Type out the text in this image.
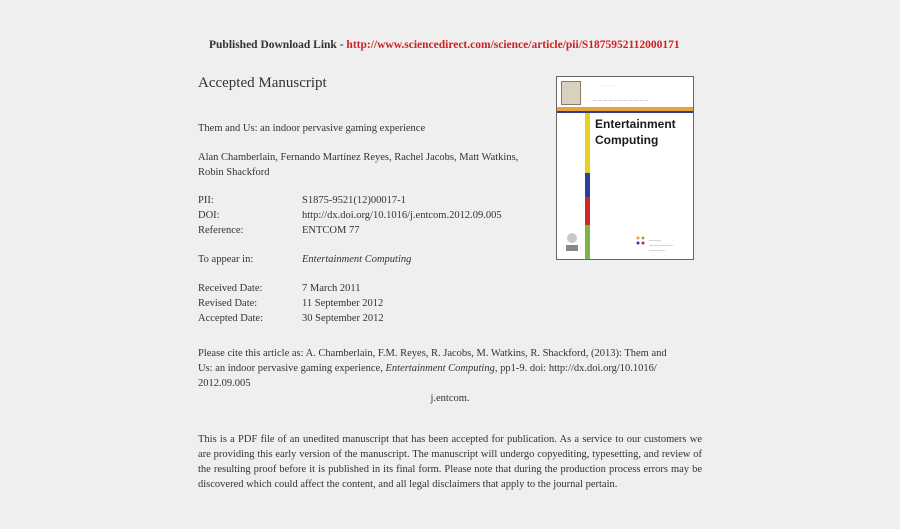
Published Download Link - http://www.sciencedirect.com/science/article/pii/S1875952112000171
Accepted Manuscript
Them and Us: an indoor pervasive gaming experience
Alan Chamberlain, Fernando Martínez Reyes, Rachel Jacobs, Matt Watkins, Robin Shackford
PII:	S1875-9521(12)00017-1
DOI:	http://dx.doi.org/10.1016/j.entcom.2012.09.005
Reference:	ENTCOM 77
To appear in:	Entertainment Computing
Received Date:	7 March 2011
Revised Date:	11 September 2012
Accepted Date:	30 September 2012
Please cite this article as: A. Chamberlain, F.M. Reyes, R. Jacobs, M. Watkins, R. Shackford, (2013): Them and
Us: an indoor pervasive gaming experience, Entertainment Computing, pp1-9. doi: http://dx.doi.org/10.1016/
2012.09.005
j.entcom.
This is a PDF file of an unedited manuscript that has been accepted for publication. As a service to our customers we are providing this early version of the manuscript. The manuscript will undergo copyediting, typesetting, and review of the resulting proof before it is published in its final form. Please note that during the production process errors may be discovered which could affect the content, and all legal disclaimers that apply to the journal pertain.
· · · · · ·
— — — — — — — — — — —
Entertainment
Computing
———
——————
————
